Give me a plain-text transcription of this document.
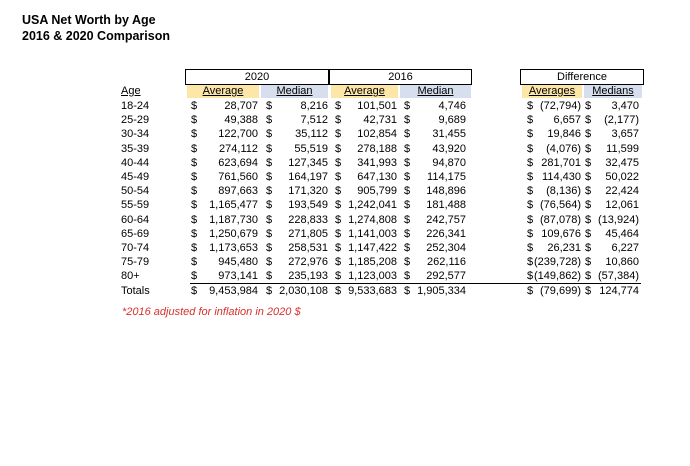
USA Net Worth by Age
2016 & 2020 Comparison
2020	2016	Difference
Age	Average	Median	Average	Median	Averages	Medians
18-24	$	28,707 $	8,216 $	101,501 $	4,746	$ (72,794) $	3,470
25-29	$	49,388 $	7,512 $	42,731 $	9,689	$	6,657 $	(2,177)
30-34	$	122,700 $	35,112 $	102,854 $	31,455	$	19,846 $	3,657
35-39	$	274,112 $	55,519 $	278,188 $	43,920	$	(4,076) $	11,599
40-44	$	623,694 $	127,345 $	341,993 $	94,870	$ 281,701 $	32,475
45-49	$	761,560 $	164,197 $	647,130 $	114,175	$ 114,430 $	50,022
50-54	$	897,663 $	171,320 $	905,799 $	148,896	$	(8,136) $	22,424
55-59	$	1,165,477 $	193,549 $ 1,242,041 $	181,488	$ (76,564) $	12,061
60-64	$	1,187,730 $	228,833 $ 1,274,808 $	242,757	$ (87,078) $ (13,924)
65-69	$	1,250,679 $	271,805 $ 1,141,003 $	226,341	$ 109,676 $	45,464
70-74	$	1,173,653 $	258,531 $ 1,147,422 $	252,304	$	26,231 $	6,227
75-79	$	945,480 $	272,976 $ 1,185,208 $	262,116	$ (239,728) $	10,860
80+	$	973,141 $	235,193 $ 1,123,003 $	292,577	$ (149,862) $ (57,384)
Totals	$	9,453,984 $ 2,030,108 $ 9,533,683 $ 1,905,334	$ (79,699) $ 124,774
*2016 adjusted for inflation in 2020 $
